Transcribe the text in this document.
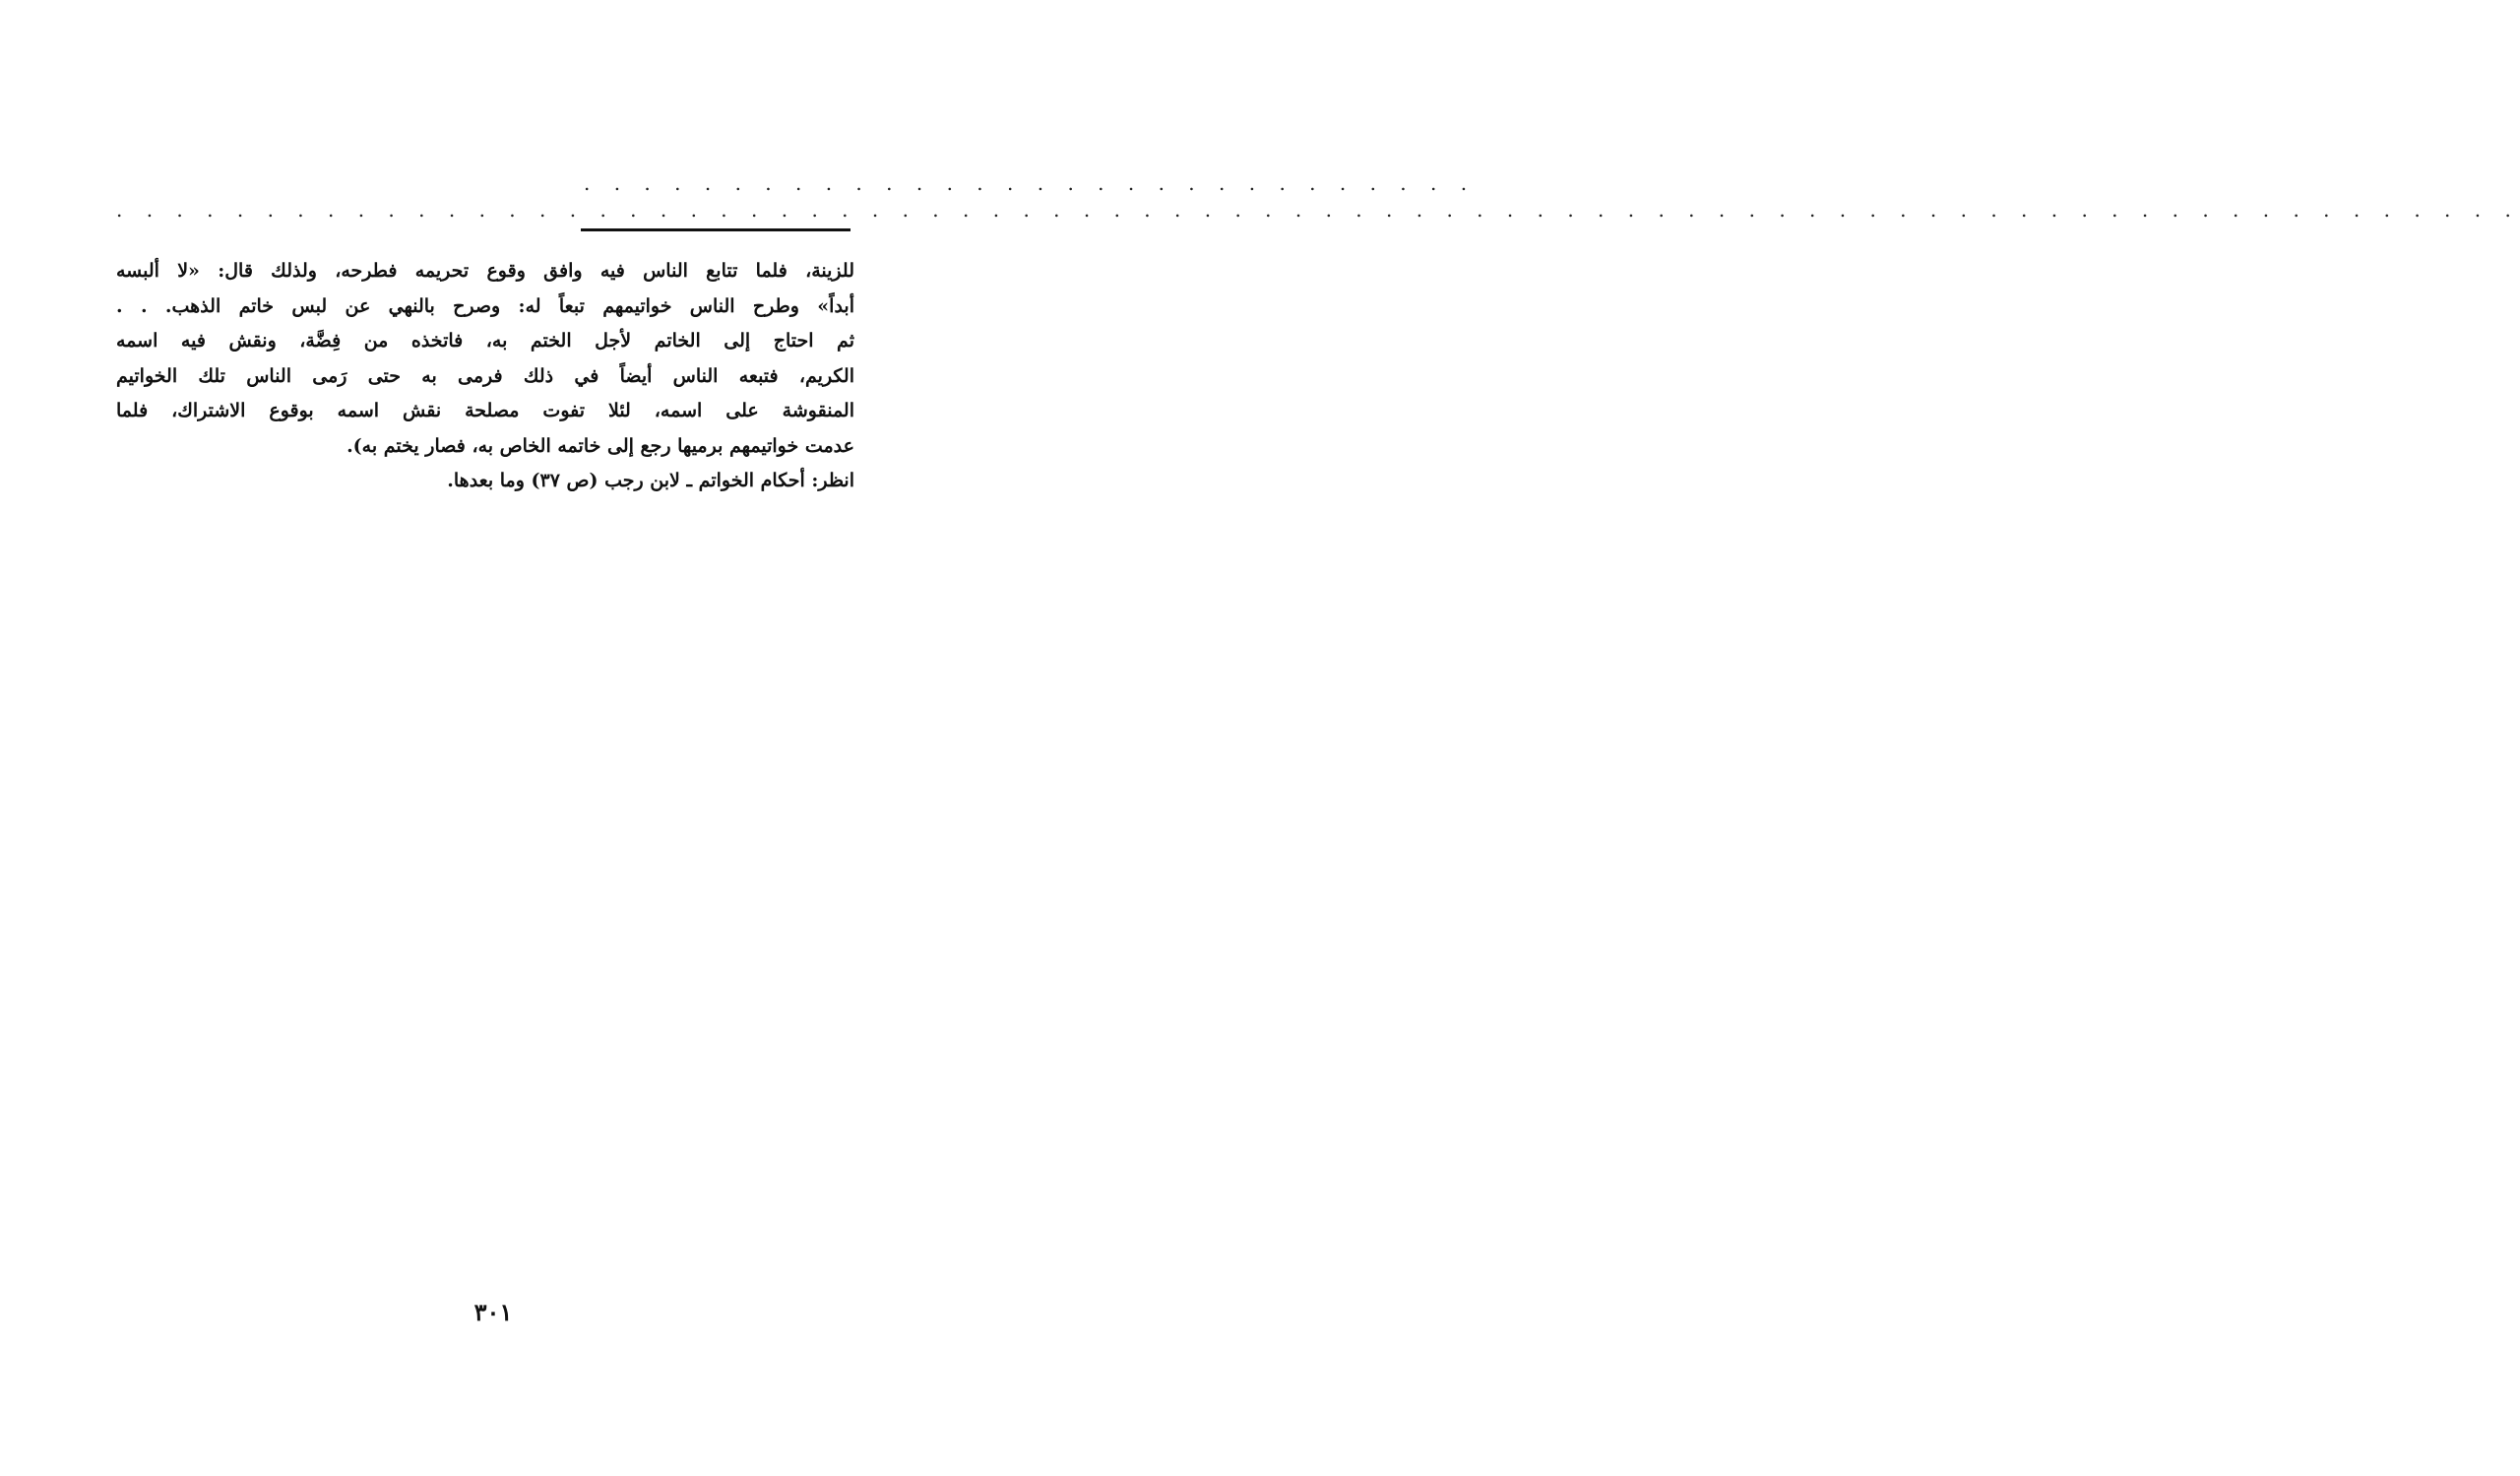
. . . . . . . . . . . . . . . . . . . . . . . . . . . . . .
. . . . . . . . . . . . . . . . . . . . . . . . . . . . . . . . . . . . . . . . . . . . . . . . . . . . . . . . . . . . . . . . . . . . . . . . . . . . . . . .
للزينة، فلما تتابع الناس فيه وافق وقوع تحريمه فطرحه، ولذلك قال: «لا ألبسه
أبداً» وطرح الناس خواتيمهم تبعاً له: وصرح بالنهي عن لبس خاتم الذهب. . .
ثم احتاج إلى الخاتم لأجل الختم به، فاتخذه من فِضَّة، ونقش فيه اسمه
الكريم، فتبعه الناس أيضاً في ذلك فرمى به حتى رَمى الناس تلك الخواتيم
المنقوشة على اسمه، لئلا تفوت مصلحة نقش اسمه بوقوع الاشتراك، فلما
عدمت خواتيمهم برميها رجع إلى خاتمه الخاص به، فصار يختم به).
انظر: أحكام الخواتم ـ لابن رجب (ص ٣٧) وما بعدها.
٣٠١
